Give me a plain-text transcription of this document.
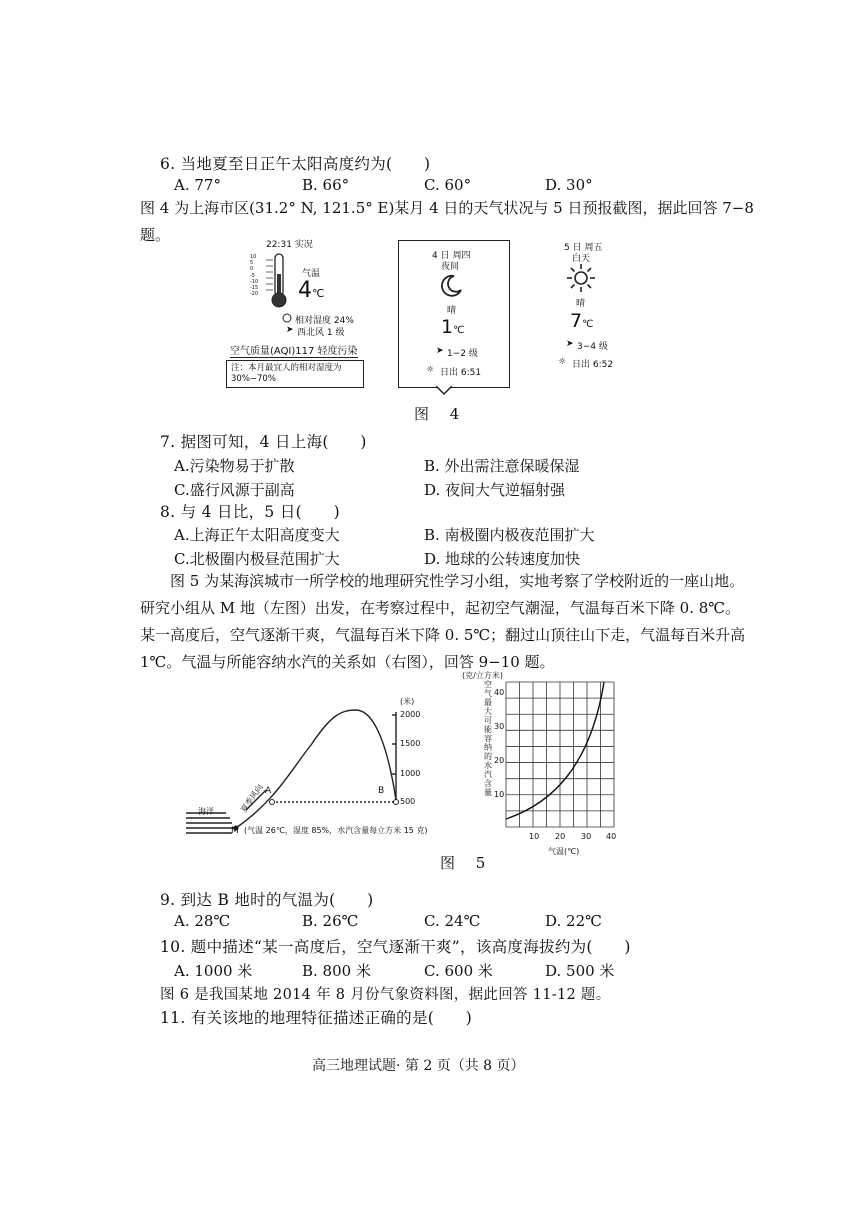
6. 当地夏至日正午太阳高度约为(　　)
A. 77°	B. 66°	C. 60°	D. 30°
图 4 为上海市区(31.2° N, 121.5° E)某月 4 日的天气状况与 5 日预报截图，据此回答 7−8 题。
22:31 实况
10
5
0
-5
-10
-15
-20
气温
4℃
相对湿度 24%
➤ 西北风 1 级
空气质量(AQI)117 轻度污染
注：本月最宜人的相对湿度为 30%−70%
4 日 周四
夜间
晴
1℃
➤ 1−2 级
☼ 日出 6:51
5 日 周五
白天
晴
7℃
➤ 3−4 级
☼ 日出 6:52
图 4
7. 据图可知，4 日上海(　　)
A.污染物易于扩散	B. 外出需注意保暖保湿
C.盛行风源于副高	D. 夜间大气逆辐射强
8. 与 4 日比，5 日(　　)
A.上海正午太阳高度变大	B. 南极圈内极夜范围扩大
C.北极圈内极昼范围扩大	D. 地球的公转速度加快
图 5 为某海滨城市一所学校的地理研究性学习小组，实地考察了学校附近的一座山地。研究小组从 M 地（左图）出发，在考察过程中，起初空气潮湿，气温每百米下降 0. 8℃。某一高度后，空气逐渐干爽，气温每百米下降 0. 5℃；翻过山顶往山下走，气温每百米升高 1℃。气温与所能容纳水汽的关系如（右图），回答 9−10 题。
(米)
2000
1500
1000
500
海洋	夏季风向 A	B
M (气温 26℃，湿度 85%，水汽含量每立方米 15 克)
(克/立方米)
空气最大可能容纳的水汽含量
40
30
20
10
10 20 30 40
气温(℃)
图 5
9. 到达 B 地时的气温为(　　)
A. 28℃	B. 26℃	C. 24℃	D. 22℃
10. 题中描述“某一高度后，空气逐渐干爽”，该高度海拔约为(　　)
A. 1000 米	B. 800 米	C. 600 米	D. 500 米
图 6 是我国某地 2014 年 8 月份气象资料图，据此回答 11-12 题。
11. 有关该地的地理特征描述正确的是(　　)
高三地理试题· 第 2 页（共 8 页）
